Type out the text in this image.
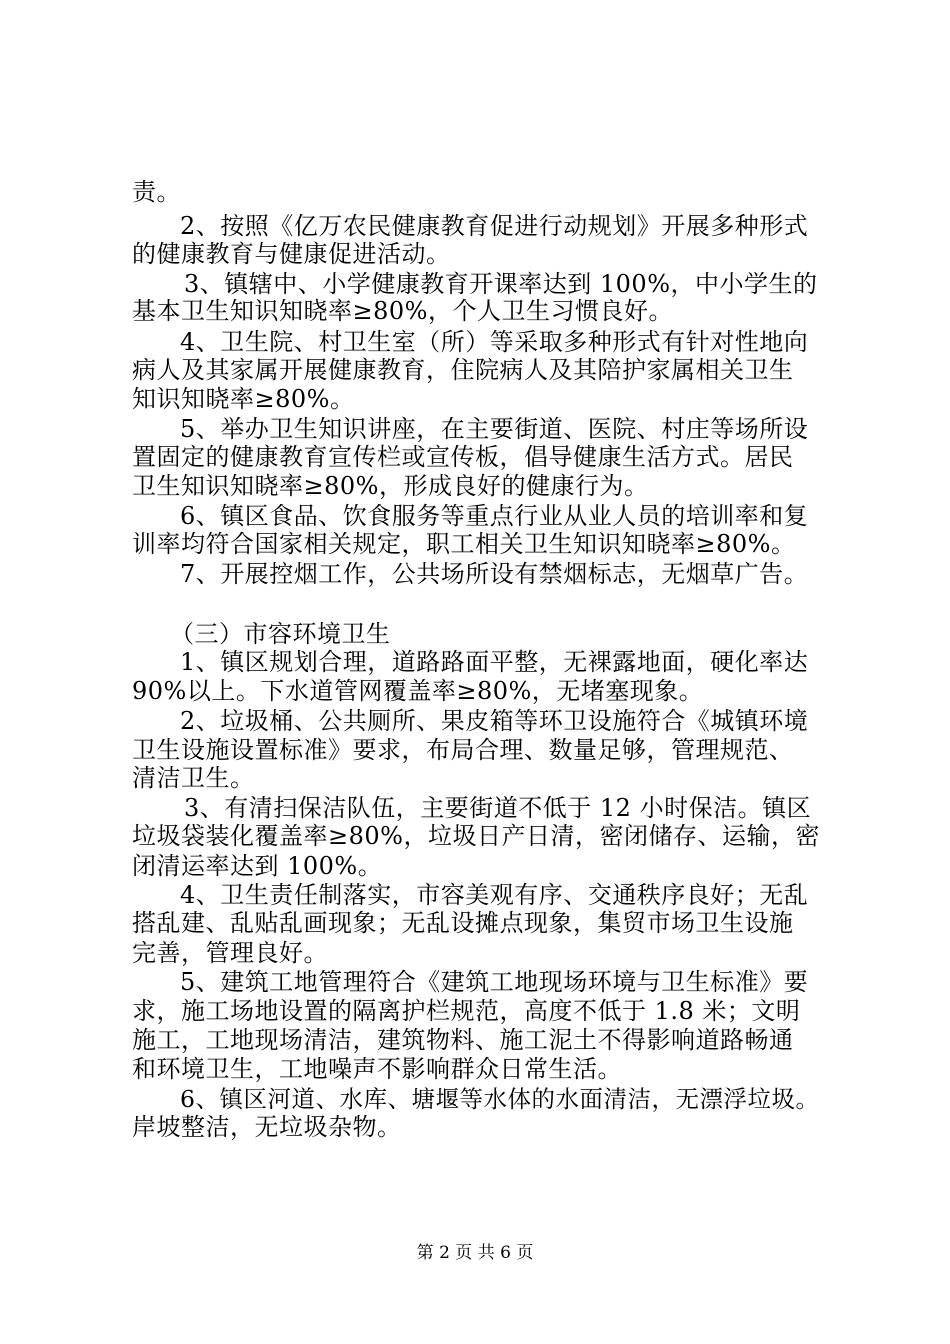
责。
2、按照《亿万农民健康教育促进行动规划》开展多种形式
的健康教育与健康促进活动。
3、镇辖中、小学健康教育开课率达到 100%，中小学生的
基本卫生知识知晓率≥80%，个人卫生习惯良好。
4、卫生院、村卫生室（所）等采取多种形式有针对性地向
病人及其家属开展健康教育，住院病人及其陪护家属相关卫生
知识知晓率≥80%。
5、举办卫生知识讲座，在主要街道、医院、村庄等场所设
置固定的健康教育宣传栏或宣传板，倡导健康生活方式。居民
卫生知识知晓率≥80%，形成良好的健康行为。
6、镇区食品、饮食服务等重点行业从业人员的培训率和复
训率均符合国家相关规定，职工相关卫生知识知晓率≥80%。
7、开展控烟工作，公共场所设有禁烟标志，无烟草广告。
（三）市容环境卫生
1、镇区规划合理，道路路面平整，无裸露地面，硬化率达
90%以上。下水道管网覆盖率≥80%，无堵塞现象。
2、垃圾桶、公共厕所、果皮箱等环卫设施符合《城镇环境
卫生设施设置标准》要求，布局合理、数量足够，管理规范、
清洁卫生。
3、有清扫保洁队伍，主要街道不低于 12 小时保洁。镇区
垃圾袋装化覆盖率≥80%，垃圾日产日清，密闭储存、运输，密
闭清运率达到 100%。
4、卫生责任制落实，市容美观有序、交通秩序良好；无乱
搭乱建、乱贴乱画现象；无乱设摊点现象，集贸市场卫生设施
完善，管理良好。
5、建筑工地管理符合《建筑工地现场环境与卫生标准》要
求，施工场地设置的隔离护栏规范，高度不低于 1.8 米；文明
施工，工地现场清洁，建筑物料、施工泥土不得影响道路畅通
和环境卫生，工地噪声不影响群众日常生活。
6、镇区河道、水库、塘堰等水体的水面清洁，无漂浮垃圾。
岸坡整洁，无垃圾杂物。
第 2 页 共 6 页
